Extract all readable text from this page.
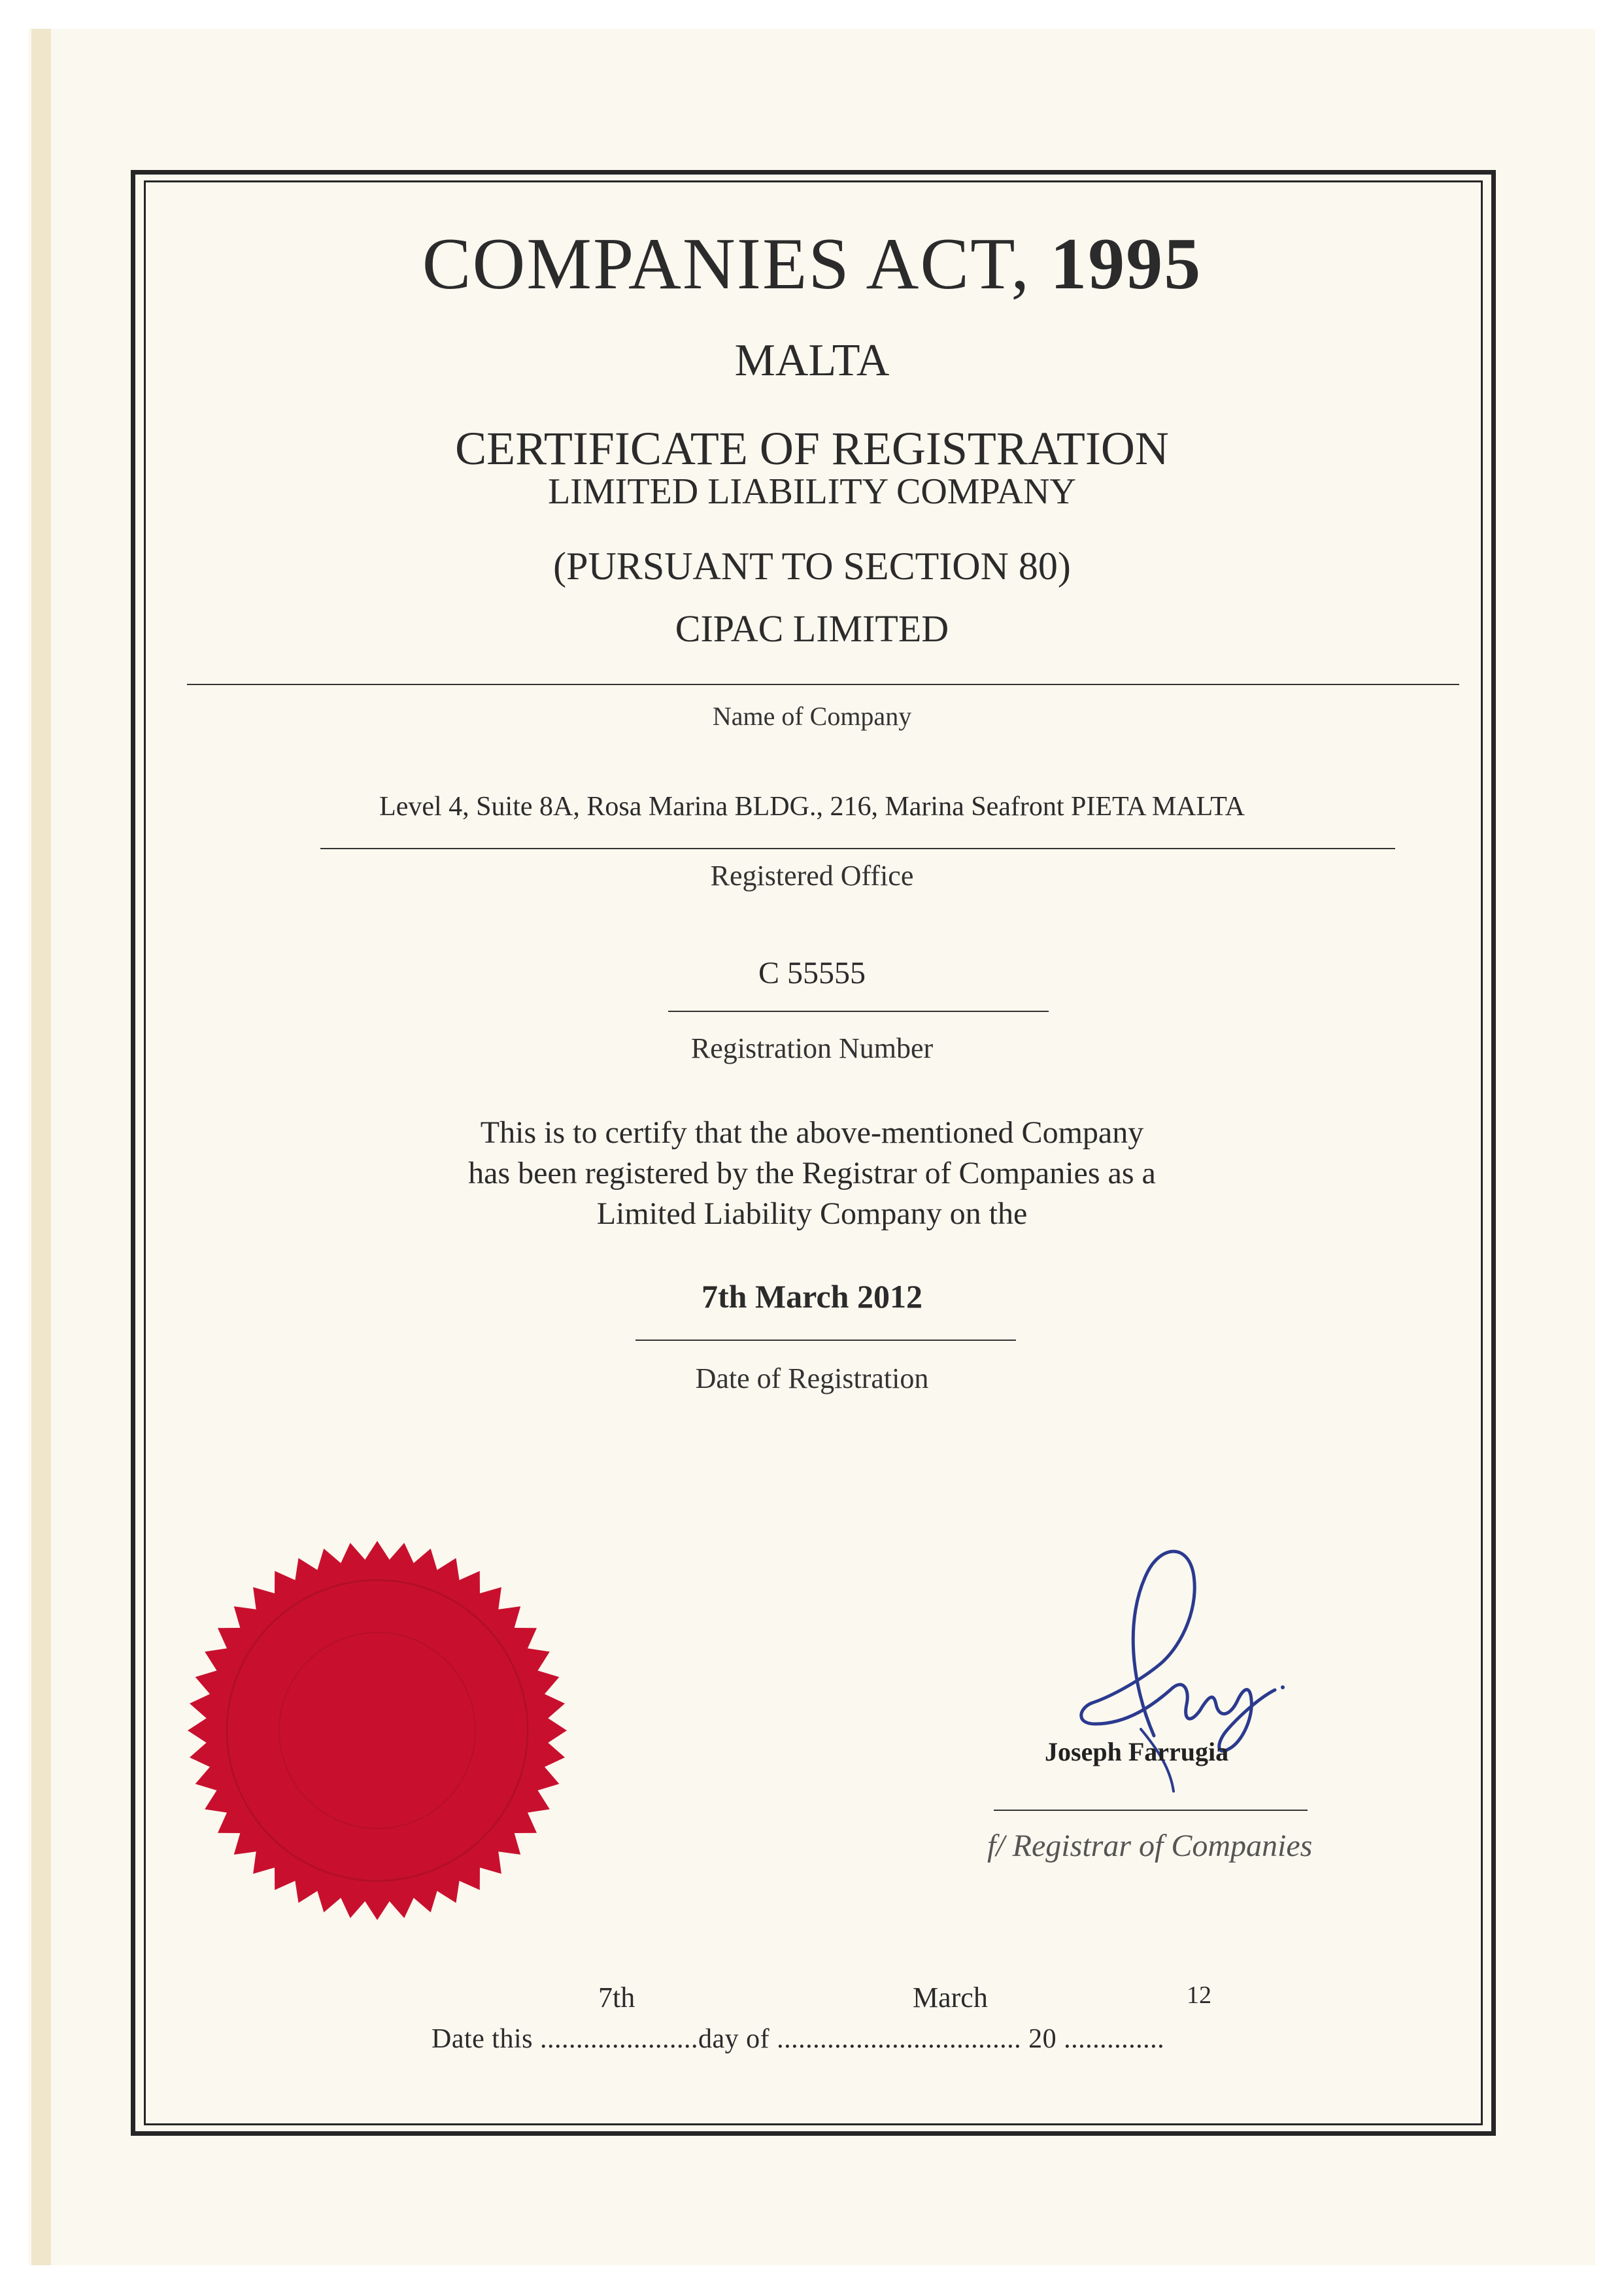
COMPANIES ACT, 1995
MALTA
CERTIFICATE OF REGISTRATION
LIMITED LIABILITY COMPANY
(PURSUANT TO SECTION 80)
CIPAC LIMITED
Name of Company
Level 4, Suite 8A, Rosa Marina BLDG., 216, Marina Seafront PIETA MALTA
Registered Office
C 55555
Registration Number
This is to certify that the above-mentioned Company
has been registered by the Registrar of Companies as a
Limited Liability Company on the
7th March 2012
Date of Registration
Joseph Farrugia
f/ Registrar of Companies
7th	March	12
Date this ......................day of .................................. 20 ..............
